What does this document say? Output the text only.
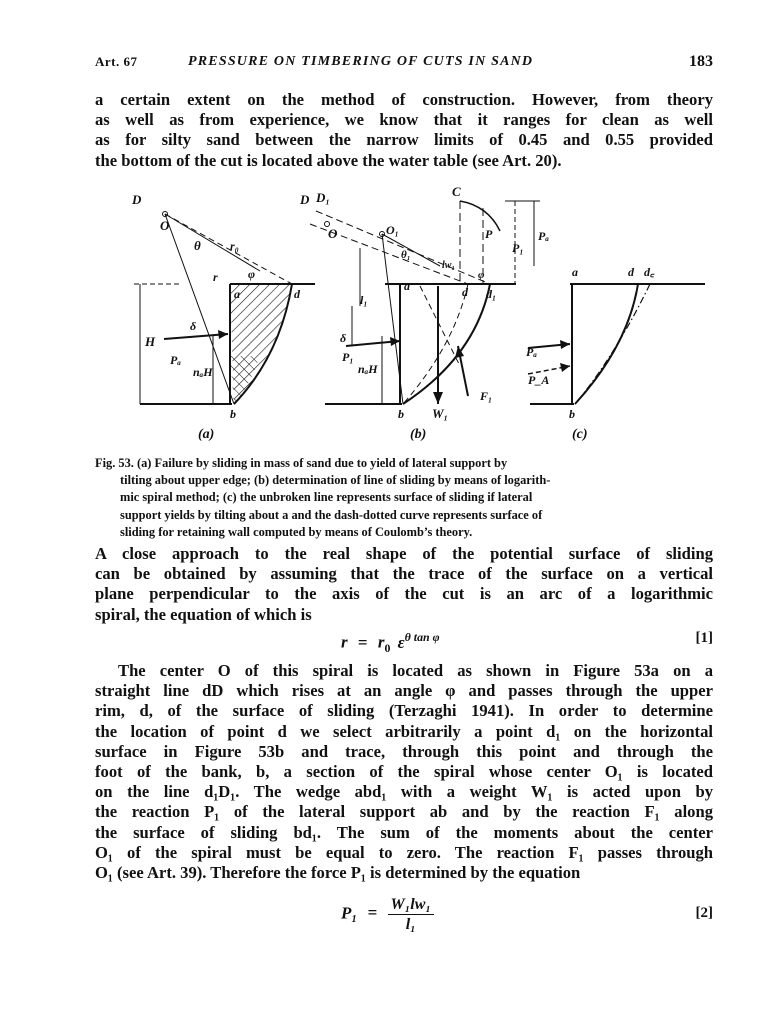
Art. 67	PRESSURE ON TIMBERING OF CUTS IN SAND	183

a certain extent on the method of construction. However, from theory
as well as from experience, we know that it ranges for clean as well
as for silty sand between the narrow limits of 0.45 and 0.55 provided
the bottom of the cut is located above the water table (see Art. 20).

D
O
θ r₀
r	φ
a	d
b
H
δ
Pₐ
nₐH
(a)
D D₁
O	O₁
C
P
P₁
Pₐ
θ₁
lw₁
φ
l₁
a	d d₁
δ
P₁
nₐH
b W₁
F₁
(b)
a	d d꜀
Pₐ
P_A
b
(c)

Fig. 53. (a) Failure by sliding in mass of sand due to yield of lateral support by
tilting about upper edge; (b) determination of line of sliding by means of logarith-
mic spiral method; (c) the unbroken line represents surface of sliding if lateral
support yields by tilting about a and the dash-dotted curve represents surface of
sliding for retaining wall computed by means of Coulomb’s theory.

A close approach to the real shape of the potential surface of sliding
can be obtained by assuming that the trace of the surface on a vertical
plane perpendicular to the axis of the cut is an arc of a logarithmic
spiral, the equation of which is

$r = r_0$ $\varepsilon^{\theta tan \varphi}$	[1]

The center O of this spiral is located as shown in Figure 53a on a
straight line dD which rises at an angle φ and passes through the upper
rim, d, of the surface of sliding (Terzaghi 1941). In order to determine
the location of point d we select arbitrarily a point d₁ on the horizontal
surface in Figure 53b and trace, through this point and through the
foot of the bank, b, a section of the spiral whose center O₁ is located
on the line d₁D₁. The wedge abd₁ with a weight W₁ is acted upon by
the reaction P₁ of the lateral support ab and by the reaction F₁ along
the surface of sliding bd₁. The sum of the moments about the center
O₁ of the spiral must be equal to zero. The reaction F₁ passes through
O₁ (see Art. 39). Therefore the force P₁ is determined by the equation

$P_1 = \frac{\text{W₁lw₁}}{\text{l₁}}$	[2]
